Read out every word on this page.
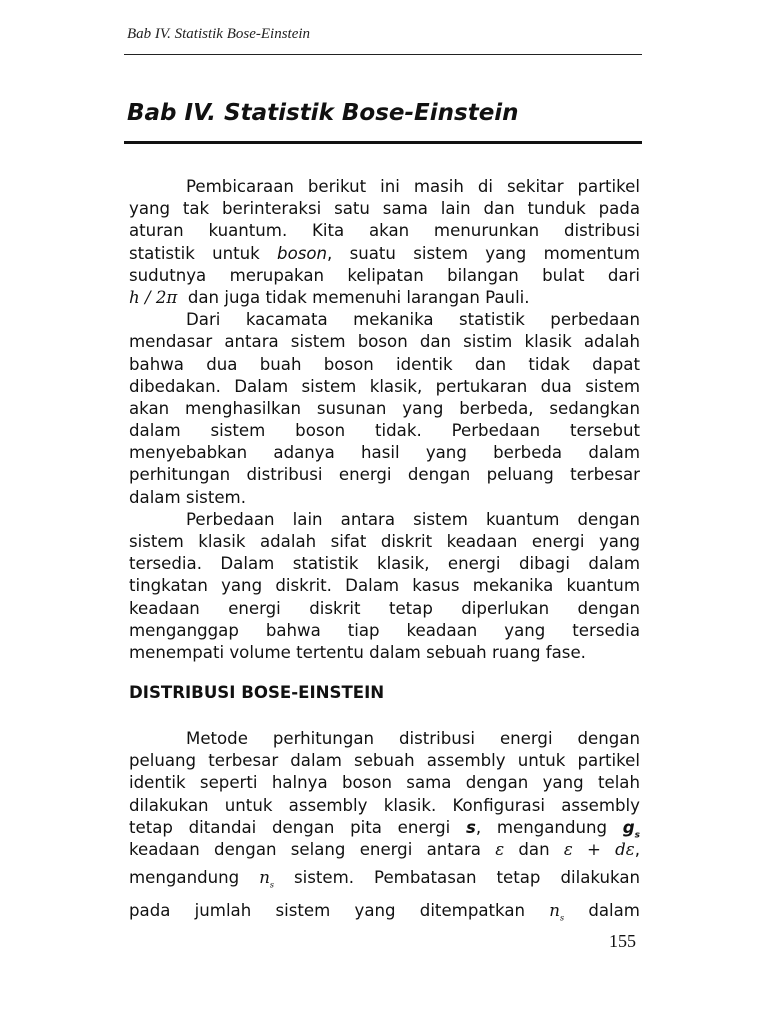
Bab IV. Statistik Bose-Einstein
Bab IV. Statistik Bose-Einstein
Pembicaraan berikut ini masih di sekitar partikel
yang tak berinteraksi satu sama lain dan tunduk pada
aturan kuantum. Kita akan menurunkan distribusi
statistik untuk boson, suatu sistem yang momentum
sudutnya merupakan kelipatan bilangan bulat dari
h / 2π dan juga tidak memenuhi larangan Pauli.
Dari kacamata mekanika statistik perbedaan
mendasar antara sistem boson dan sistim klasik adalah
bahwa dua buah boson identik dan tidak dapat
dibedakan. Dalam sistem klasik, pertukaran dua sistem
akan menghasilkan susunan yang berbeda, sedangkan
dalam sistem boson tidak. Perbedaan tersebut
menyebabkan adanya hasil yang berbeda dalam
perhitungan distribusi energi dengan peluang terbesar
dalam sistem.
Perbedaan lain antara sistem kuantum dengan
sistem klasik adalah sifat diskrit keadaan energi yang
tersedia. Dalam statistik klasik, energi dibagi dalam
tingkatan yang diskrit. Dalam kasus mekanika kuantum
keadaan energi diskrit tetap diperlukan dengan
menganggap bahwa tiap keadaan yang tersedia
menempati volume tertentu dalam sebuah ruang fase.
DISTRIBUSI BOSE-EINSTEIN
Metode perhitungan distribusi energi dengan
peluang terbesar dalam sebuah assembly untuk partikel
identik seperti halnya boson sama dengan yang telah
dilakukan untuk assembly klasik. Konfigurasi assembly
tetap ditandai dengan pita energi s, mengandung $g_s$
keadaan dengan selang energi antara ε dan ε + dε,
mengandung $n_s$ sistem. Pembatasan tetap dilakukan
pada jumlah sistem yang ditempatkan $n_s$ dalam
155
